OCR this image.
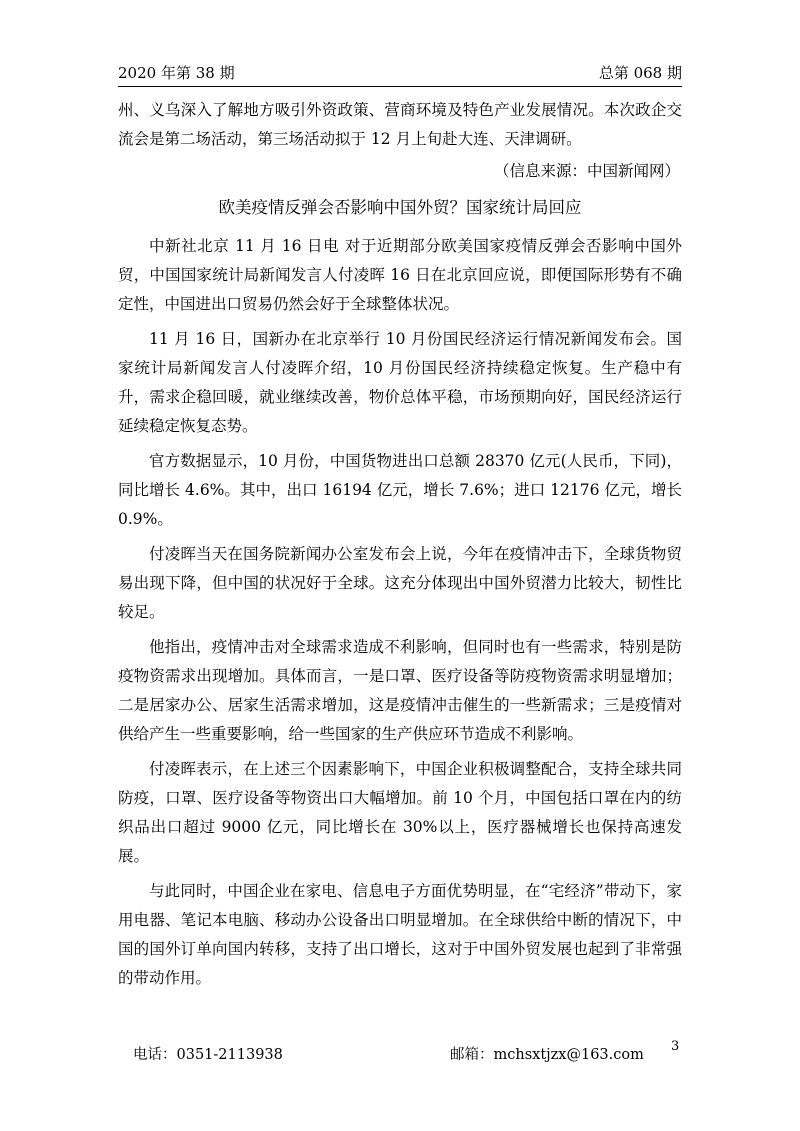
2020 年第 38 期	总第 068 期

州、义乌深入了解地方吸引外资政策、营商环境及特色产业发展情况。本次政企交流会是第二场活动，第三场活动拟于 12 月上旬赴大连、天津调研。

（信息来源：中国新闻网）
欧美疫情反弹会否影响中国外贸？国家统计局回应

中新社北京 11 月 16 日电 对于近期部分欧美国家疫情反弹会否影响中国外贸，中国国家统计局新闻发言人付凌晖 16 日在北京回应说，即便国际形势有不确定性，中国进出口贸易仍然会好于全球整体状况。

11 月 16 日，国新办在北京举行 10 月份国民经济运行情况新闻发布会。国家统计局新闻发言人付凌晖介绍，10 月份国民经济持续稳定恢复。生产稳中有升，需求企稳回暖，就业继续改善，物价总体平稳，市场预期向好，国民经济运行延续稳定恢复态势。

官方数据显示，10 月份，中国货物进出口总额 28370 亿元(人民币，下同)，同比增长 4.6%。其中，出口 16194 亿元，增长 7.6%；进口 12176 亿元，增长 0.9%。

付凌晖当天在国务院新闻办公室发布会上说，今年在疫情冲击下，全球货物贸易出现下降，但中国的状况好于全球。这充分体现出中国外贸潜力比较大，韧性比较足。

他指出，疫情冲击对全球需求造成不利影响，但同时也有一些需求，特别是防疫物资需求出现增加。具体而言，一是口罩、医疗设备等防疫物资需求明显增加；二是居家办公、居家生活需求增加，这是疫情冲击催生的一些新需求；三是疫情对供给产生一些重要影响，给一些国家的生产供应环节造成不利影响。

付凌晖表示，在上述三个因素影响下，中国企业积极调整配合，支持全球共同防疫，口罩、医疗设备等物资出口大幅增加。前 10 个月，中国包括口罩在内的纺织品出口超过 9000 亿元，同比增长在 30%以上，医疗器械增长也保持高速发展。

与此同时，中国企业在家电、信息电子方面优势明显，在“宅经济”带动下，家用电器、笔记本电脑、移动办公设备出口明显增加。在全球供给中断的情况下，中国的国外订单向国内转移，支持了出口增长，这对于中国外贸发展也起到了非常强的带动作用。

电话：0351-2113938	邮箱：mchsxtjzx@163.com
3
